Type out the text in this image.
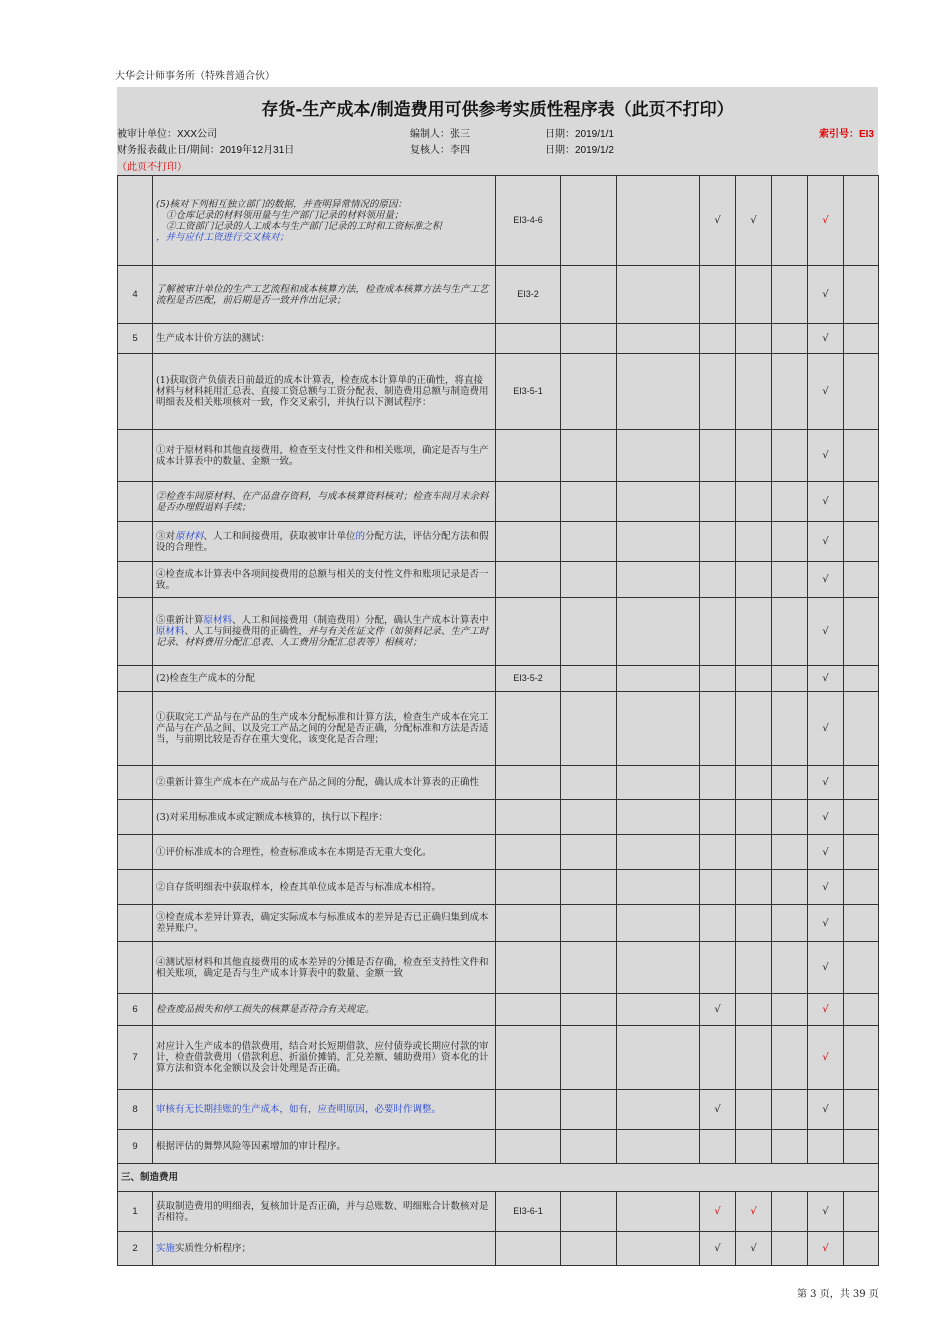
大华会计师事务所（特殊普通合伙）
存货-生产成本/制造费用可供参考实质性程序表（此页不打印）
被审计单位：XXX公司	编制人：张三	日期：2019/1/1	索引号：EI3
财务报表截止日/期间：2019年12月31日	复核人：李四	日期：2019/1/2
（此页不打印）
	(5)核对下列相互独立部门的数据，并查明异常情况的原因：
①仓库记录的材料领用量与生产部门记录的材料领用量；
②工资部门记录的人工成本与生产部门记录的工时和工资标准之积
，并与应付工资进行交叉核对；	EI3-4-6			√	√		√	
4	了解被审计单位的生产工艺流程和成本核算方法，检查成本核算方法与生产工艺流程是否匹配，前后期是否一致并作出记录；	EI3-2						√	
5	生产成本计价方法的测试：							√	
	(1)获取资产负债表日前最近的成本计算表，检查成本计算单的正确性，将直接材料与材料耗用汇总表、直接工资总额与工资分配表、制造费用总额与制造费用明细表及相关账项核对一致，作交叉索引，并执行以下测试程序：	EI3-5-1						√	
	①对于原材料和其他直接费用，检查至支付性文件和相关账项，确定是否与生产成本计算表中的数量、金额一致。							√	
	②检查车间原材料、在产品盘存资料，与成本核算资料核对；检查车间月末余料是否办理假退料手续；							√	
	③对原材料、人工和间接费用，获取被审计单位的分配方法，评估分配方法和假设的合理性。							√	
	④检查成本计算表中各项间接费用的总额与相关的支付性文件和账项记录是否一致。							√	
	⑤重新计算原材料、人工和间接费用（制造费用）分配，确认生产成本计算表中原材料、人工与间接费用的正确性，并与有关佐证文件（如领料记录、生产工时记录、材料费用分配汇总表、人工费用分配汇总表等）相核对；							√	
	(2)检查生产成本的分配	EI3-5-2						√	
	①获取完工产品与在产品的生产成本分配标准和计算方法，检查生产成本在完工产品与在产品之间、以及完工产品之间的分配是否正确，分配标准和方法是否适当，与前期比较是否存在重大变化，该变化是否合理；							√	
	②重新计算生产成本在产成品与在产品之间的分配，确认成本计算表的正确性							√	
	(3)对采用标准成本或定额成本核算的，执行以下程序：							√	
	①评价标准成本的合理性，检查标准成本在本期是否无重大变化。							√	
	②自存货明细表中获取样本，检查其单位成本是否与标准成本相符。							√	
	③检查成本差异计算表，确定实际成本与标准成本的差异是否已正确归集到成本差异账户。							√	
	④测试原材料和其他直接费用的成本差异的分摊是否存确，检查至支持性文件和相关账项，确定是否与生产成本计算表中的数量、金额一致							√	
6	检查废品损失和停工损失的核算是否符合有关规定。				√			√	
7	对应计入生产成本的借款费用，结合对长短期借款、应付债券或长期应付款的审计，检查借款费用（借款利息、折溢价摊销、汇兑差额、辅助费用）资本化的计算方法和资本化金额以及会计处理是否正确。							√	
8	审核有无长期挂账的生产成本，如有，应查明原因，必要时作调整。				√			√	
9	根据评估的舞弊风险等因素增加的审计程序。								
三、制造费用									
1	获取制造费用的明细表，复核加计是否正确，并与总账数、明细账合计数核对是否相符。	EI3-6-1			√	√		√	
2	实施实质性分析程序；				√	√		√	
第 3 页，共 39 页
